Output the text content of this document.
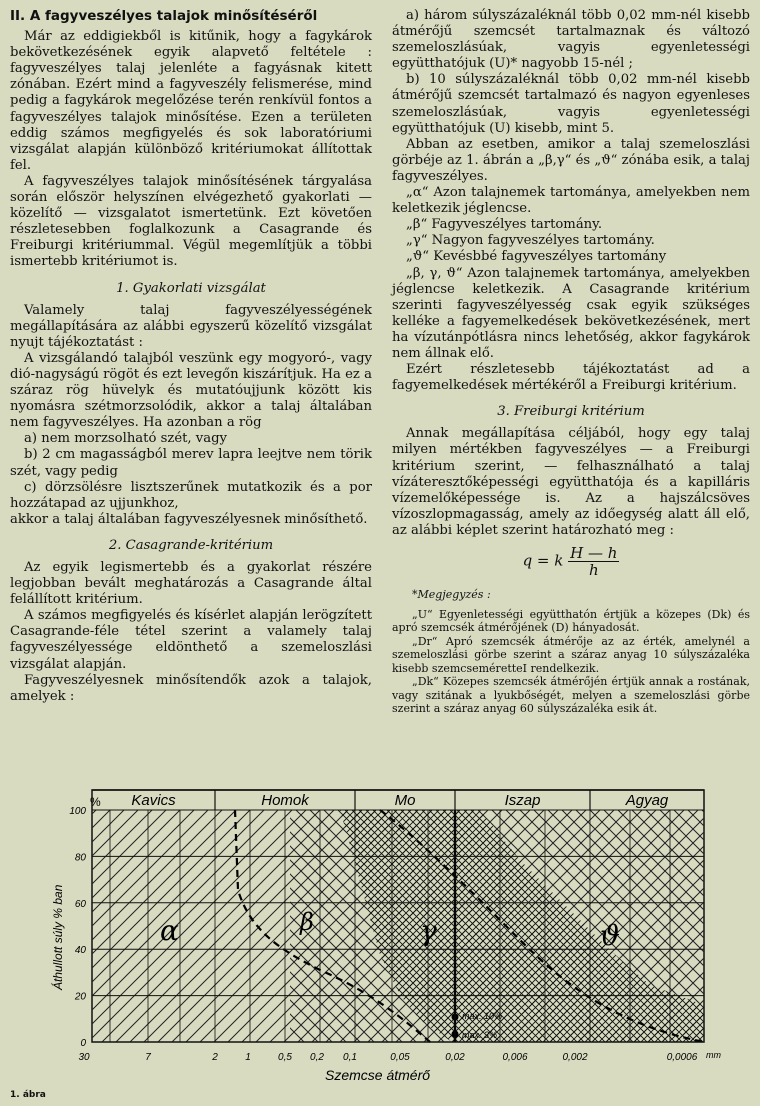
II. A fagyveszélyes talajok minősítéséről

Már az eddigiekből is kitűnik, hogy a fagykárok bekövetkezésének egyik alapvető feltétele : fagyveszélyes talaj jelenléte a fagyásnak kitett zónában. Ezért mind a fagyveszély felismerése, mind pedig a fagykárok megelőzése terén renkívül fontos a fagyveszélyes talajok minősítése. Ezen a területen eddig számos megfigyelés és sok laboratóriumi vizsgálat alapján különböző kritériumokat állítottak fel.

A fagyveszélyes talajok minősítésének tárgyalása során először helyszínen elvégezhető gyakorlati — közelítő — vizsgalatot ismertetünk. Ezt követően részletesebben foglalkozunk a Casagrande és Freiburgi kritériummal. Végül megemlítjük a többi ismertebb kritériumot is.

1. Gyakorlati vizsgálat

Valamely talaj fagyveszélyességének megállapítására az alábbi egyszerű közelítő vizsgálat nyujt tájékoztatást :

A vizsgálandó talajból veszünk egy mogyoró-, vagy dió-nagyságú rögöt és ezt levegőn kiszárítjuk. Ha ez a száraz rög hüvelyk és mutatóujjunk között kis nyomásra szétmorzsolódik, akkor a talaj általában nem fagyveszélyes. Ha azonban a rög

a) nem morzsolható szét, vagy

b) 2 cm magasságból merev lapra leejtve nem törik szét, vagy pedig

c) dörzsölésre lisztszerűnek mutatkozik és a por hozzátapad az ujjunkhoz,

akkor a talaj általában fagyveszélyesnek minősíthető.

2. Casagrande-kritérium

Az egyik legismertebb és a gyakorlat részére legjobban bevált meghatározás a Casagrande által felállított kritérium.

A számos megfigyelés és kísérlet alapján lerögzített Casagrande-féle tétel szerint a valamely talaj fagyveszélyessége eldönthető a szemeloszlási vizsgálat alapján.

Fagyveszélyesnek minősítendők azok a talajok, amelyek :

a) három súlyszázaléknál több 0,02 mm-nél kisebb átmérőjű szemcsét tartalmaznak és változó szemeloszlásúak, vagyis egyenletességi együtthatójuk (U)* nagyobb 15-nél ;

b) 10 súlyszázaléknál több 0,02 mm-nél kisebb átmérőjű szemcsét tartalmazó és nagyon egyenleses szemeloszlásúak, vagyis egyenletességi együtthatójuk (U) kisebb, mint 5.

Abban az esetben, amikor a talaj szemeloszlási görbéje az 1. ábrán a „β,γ“ és „ϑ“ zónába esik, a talaj fagyveszélyes.

„α“ Azon talajnemek tartománya, amelyekben nem keletkezik jéglencse.

„β“ Fagyveszélyes tartomány.

„γ“ Nagyon fagyveszélyes tartomány.

„ϑ“ Kevésbbé fagyveszélyes tartomány

„β, γ, ϑ“ Azon talajnemek tartománya, amelyekben jéglencse keletkezik. A Casagrande kritérium szerinti fagyveszélyesség csak egyik szükséges kelléke a fagyemelkedések bekövetkezésének, mert ha vízutánpótlásra nincs lehetőség, akkor fagykárok nem állnak elő.

Ezért részletesebb tájékoztatást ad a fagyemelkedések mértékéről a Freiburgi kritérium.

3. Freiburgi kritérium

Annak megállapítása céljából, hogy egy talaj milyen mértékben fagyveszélyes — a Freiburgi kritérium szerint, — felhasználható a talaj vízáteresztőképességi együtthatója és a kapilláris vízemelőképessége is. Az a hajszálcsöves vízoszlopmagasság, amely az időegység alatt áll elő, az alábbi képlet szerint határozható meg :

q = k $\frac{H — h}{h}$
*Megjegyzés :

„U“ Egyenletességi együtthatón értjük a közepes (Dk) és apró szemcsék átmérőjének (D) hányadosát.

„Dr“ Apró szemcsék átmérője az az érték, amelynél a szemeloszlási görbe szerint a száraz anyag 10 súlyszázaléka kisebb szemcseméretteI rendelkezik.

„Dk“ Közepes szemcsék átmérőjén értjük annak a rostának, vagy szitának a lyukbőségét, melyen a szemeloszlási görbe szerint a száraz anyag 60 súlyszázaléka esik át.

Kavics	Homok	Mo	Iszap	Agyag
100
80
60
40
20
0
30	7	2	1	0,5 0,2 0,1	0,05	0,02	0,006	0,002	0,0006
%
max. 10%
max. 3%
α	β	γ	ϑ
Áthullott súly % ban
Szemcse átmérő
mm
1. ábra
